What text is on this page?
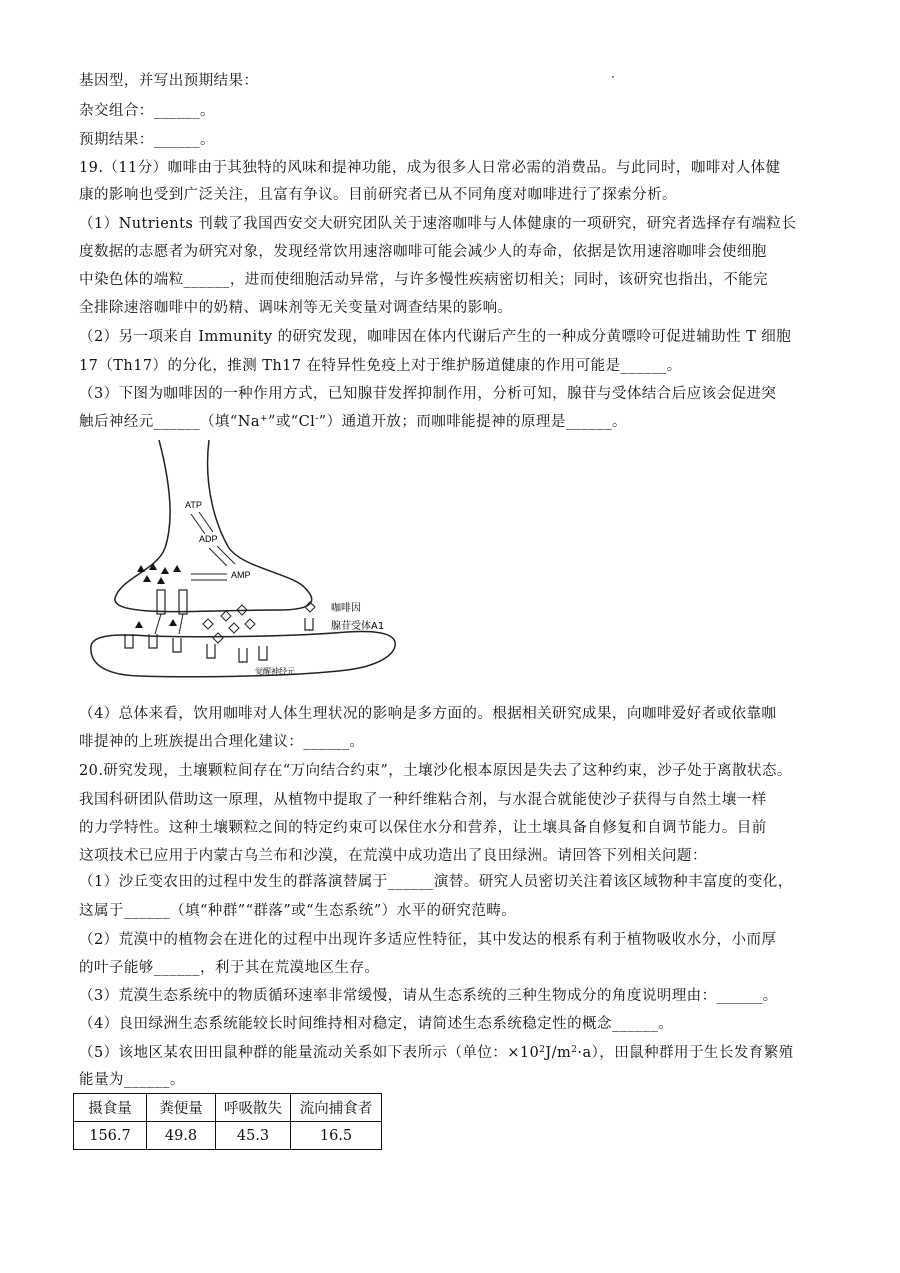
基因型，并写出预期结果：
杂交组合：______。
预期结果：______。
19.（11分）咖啡由于其独特的风味和提神功能，成为很多人日常必需的消费品。与此同时，咖啡对人体健
康的影响也受到广泛关注，且富有争议。目前研究者已从不同角度对咖啡进行了探索分析。
（1）Nutrients 刊载了我国西安交大研究团队关于速溶咖啡与人体健康的一项研究，研究者选择存有端粒长
度数据的志愿者为研究对象，发现经常饮用速溶咖啡可能会减少人的寿命，依据是饮用速溶咖啡会使细胞
中染色体的端粒______，进而使细胞活动异常，与许多慢性疾病密切相关；同时，该研究也指出，不能完
全排除速溶咖啡中的奶精、调味剂等无关变量对调查结果的影响。
（2）另一项来自 Immunity 的研究发现，咖啡因在体内代谢后产生的一种成分黄嘌呤可促进辅助性 T 细胞
17（Th17）的分化，推测 Th17 在特异性免疫上对于维护肠道健康的作用可能是______。
（3）下图为咖啡因的一种作用方式，已知腺苷发挥抑制作用，分析可知，腺苷与受体结合后应该会促进突
触后神经元______（填“Na+”或“Cl-”）通道开放；而咖啡能提神的原理是______。
ATP
ADP
AMP
咖啡因
腺苷受体A1
觉醒神经元
（4）总体来看，饮用咖啡对人体生理状况的影响是多方面的。根据相关研究成果，向咖啡爱好者或依靠咖
啡提神的上班族提出合理化建议：______。
20.研究发现，土壤颗粒间存在“万向结合约束”，土壤沙化根本原因是失去了这种约束，沙子处于离散状态。
我国科研团队借助这一原理，从植物中提取了一种纤维粘合剂，与水混合就能使沙子获得与自然土壤一样
的力学特性。这种土壤颗粒之间的特定约束可以保住水分和营养，让土壤具备自修复和自调节能力。目前
这项技术已应用于内蒙古乌兰布和沙漠，在荒漠中成功造出了良田绿洲。请回答下列相关问题：
（1）沙丘变农田的过程中发生的群落演替属于______演替。研究人员密切关注着该区域物种丰富度的变化，
这属于______（填“种群”“群落”或“生态系统”）水平的研究范畴。
（2）荒漠中的植物会在进化的过程中出现许多适应性特征，其中发达的根系有利于植物吸收水分，小而厚
的叶子能够______，利于其在荒漠地区生存。
（3）荒漠生态系统中的物质循环速率非常缓慢，请从生态系统的三种生物成分的角度说明理由：______。
（4）良田绿洲生态系统能较长时间维持相对稳定，请简述生态系统稳定性的概念______。
（5）该地区某农田田鼠种群的能量流动关系如下表所示（单位：$\times 10^2J/m^2\cdot a$），田鼠种群用于生长发育繁殖
能量为______。
摄食量	粪便量	呼吸散失	流向捕食者
156.7	49.8	45.3	16.5
